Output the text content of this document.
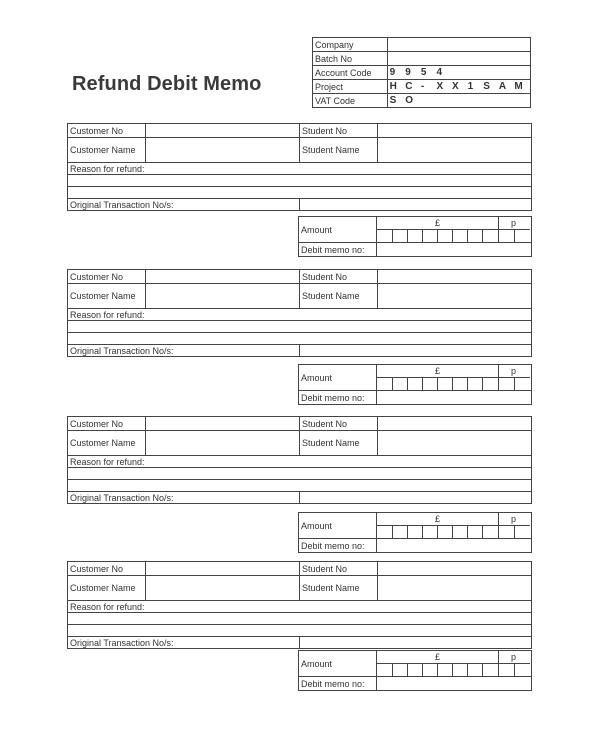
Refund Debit Memo
Company	
Batch No	
Account Code	9 9 5 4
Project	H C - X X 1 S A M
VAT Code	S O
Customer No		Student No	
Customer Name		Student Name	
Reason for refund:			

Original Transaction No/s:			
Amount	£ p

Debit memo no:	
Customer No		Student No	
Customer Name		Student Name	
Reason for refund:			

Original Transaction No/s:			
Amount	£ p

Debit memo no:	
Customer No		Student No	
Customer Name		Student Name	
Reason for refund:			

Original Transaction No/s:			
Amount	£ p

Debit memo no:	
Customer No		Student No	
Customer Name		Student Name	
Reason for refund:			

Original Transaction No/s:			
Amount	£ p

Debit memo no:	
